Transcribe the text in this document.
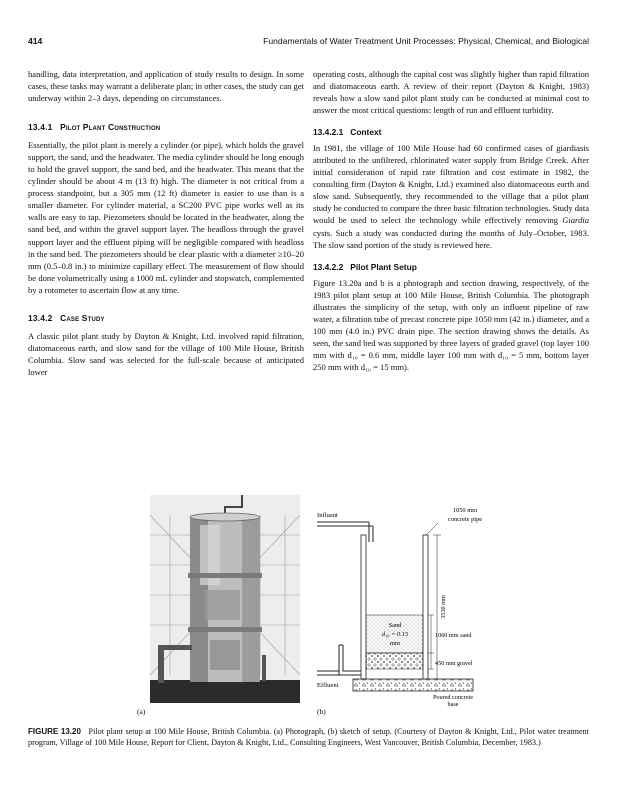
414	Fundamentals of Water Treatment Unit Processes: Physical, Chemical, and Biological

handling, data interpretation, and application of study results to design. In some cases, these tasks may warrant a deliberate plan; in other cases, the study can get underway within 2–3 days, depending on circumstances.

13.4.1 Pilot Plant Construction

Essentially, the pilot plant is merely a cylinder (or pipe), which holds the gravel support, the sand, and the headwater. The media cylinder should be long enough to hold the gravel support, the sand bed, and the headwater. This means that the cylinder should be about 4 m (13 ft) high. The diameter is not critical from a process standpoint, but a 305 mm (12 ft) diameter is easier to use than is a smaller diameter. For cylinder material, a SC200 PVC pipe works well as its walls are easy to tap. Piezometers should be located in the headwater, along the sand bed, and within the gravel support layer. The headloss through the gravel support layer and the effluent piping will be negligible compared with headloss in the sand bed. The piezometers should be clear plastic with a diameter ≥10–20 mm (0.5–0.8 in.) to minimize capillary effect. The measurement of flow should be done volumetrically using a 1000 mL cylinder and stopwatch, complemented by a rotometer to ascertain flow at any time.

13.4.2 Case Study

A classic pilot plant study by Dayton & Knight, Ltd. involved rapid filtration, diatomaceous earth, and slow sand for the village of 100 Mile House, British Columbia. Slow sand was selected for the full-scale because of anticipated lower

operating costs, although the capital cost was slightly higher than rapid filtration and diatomaceous earth. A review of their report (Dayton & Knight, 1983) reveals how a slow sand pilot plant study can be conducted at minimal cost to answer the most critical questions: length of run and effluent turbidity.

13.4.2.1 Context

In 1981, the village of 100 Mile House had 60 confirmed cases of giardiasis attributed to the unfiltered, chlorinated water supply from Bridge Creek. After initial consideration of rapid rate filtration and cost estimate in 1982, the consulting firm (Dayton & Knight, Ltd.) examined also diatomaceous earth and slow sand. Subsequently, they recommended to the village that a pilot plant study be conducted to compare the three basic filtration technologies. Study data would be used to select the technology while effectively removing Giardia cysts. Such a study was conducted during the months of July–October, 1983. The slow sand portion of the study is reviewed here.

13.4.2.2 Pilot Plant Setup

Figure 13.20a and b is a photograph and section drawing, respectively, of the 1983 pilot plant setup at 100 Mile House, British Columbia. The photograph illustrates the simplicity of the setup, with only an influent pipeline of raw water, a filtration tube of precast concrete pipe 1050 mm (42 in.) diameter, and a 100 mm (4.0 in.) PVC drain pipe. The section drawing shows the details. As seen, the sand bed was supported by three layers of graded gravel (top layer 100 mm with d₁₀ = 0.6 mm, middle layer 100 mm with d₁₀ = 5 mm, bottom layer 250 mm with d₁₀ = 15 mm).

(a)
3530 mm
Influent
1050 mm
concrete pipe
Sand
d₁₀ = 0.15
mm
1060 mm sand
450 mm gravel
Effluent
Poured concrete
base
(b)
FIGURE 13.20 Pilot plant setup at 100 Mile House, British Columbia. (a) Photograph, (b) sketch of setup. (Courtesy of Dayton & Knight, Ltd., Pilot water treatment program, Village of 100 Mile House, Report for Client, Dayton & Knight, Ltd., Consulting Engineers, West Vancouver, British Columbia, December, 1983.)
